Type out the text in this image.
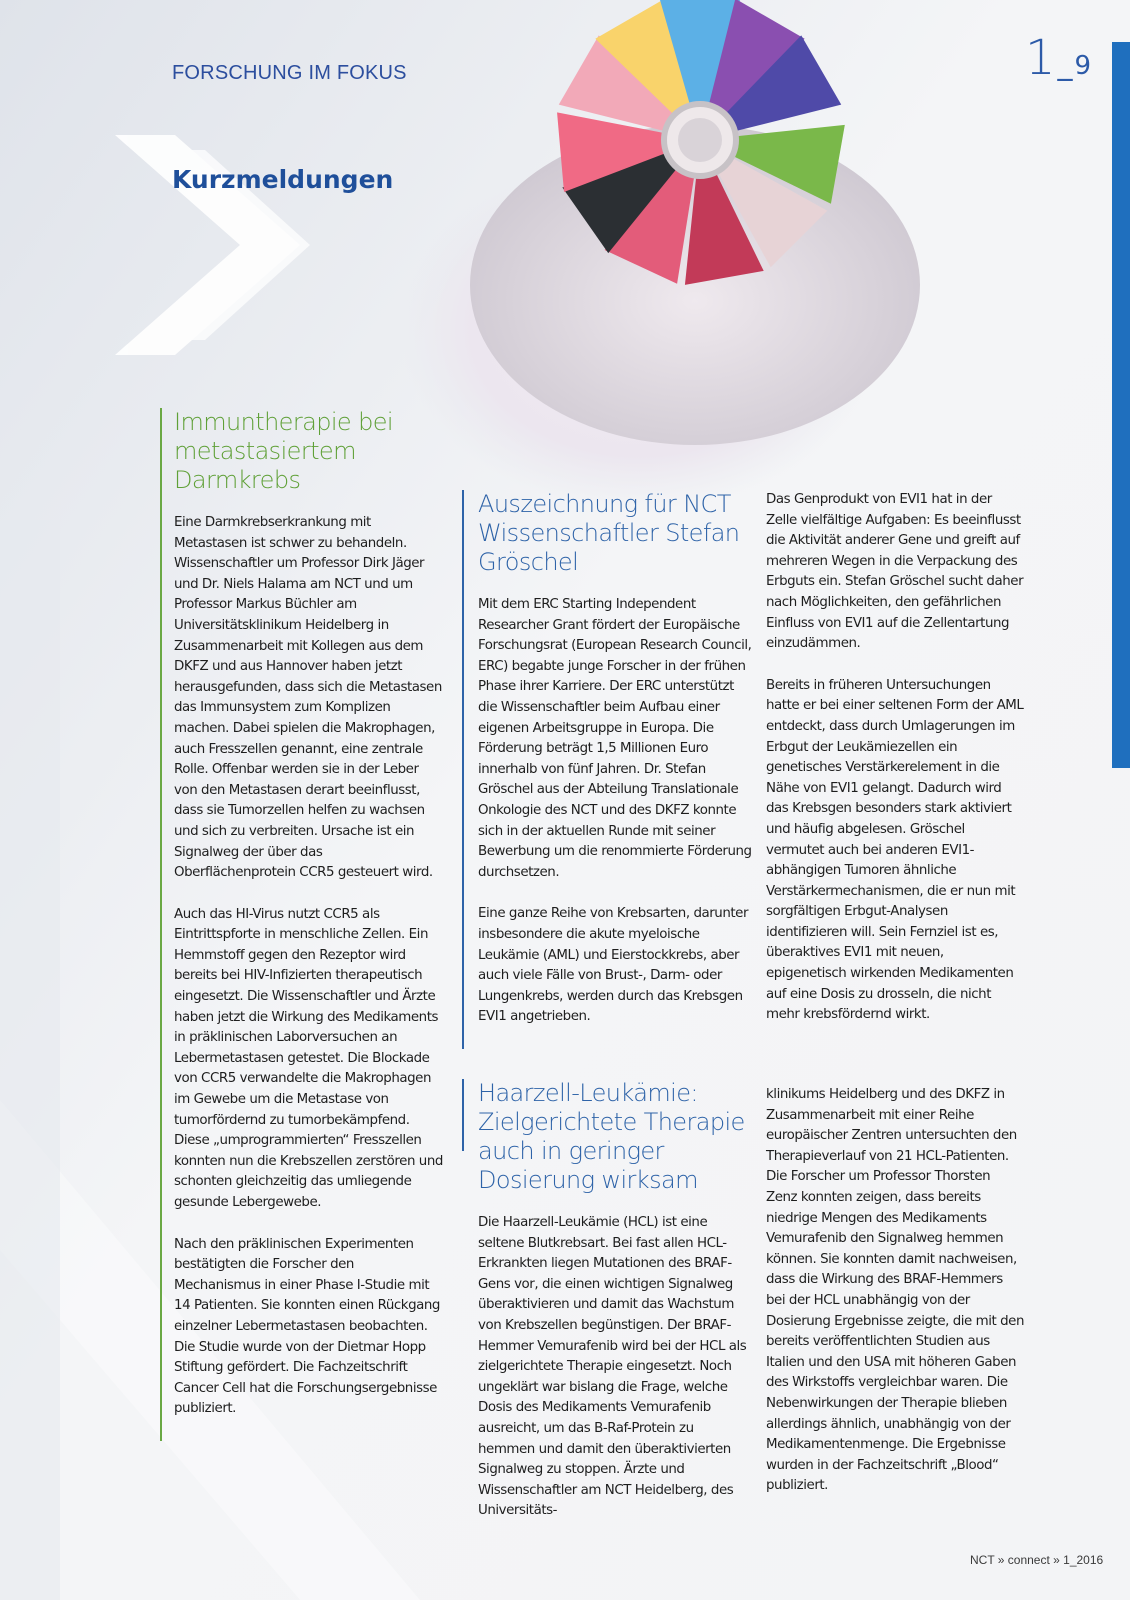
FORSCHUNG IM FOKUS	1_9
Kurzmeldungen
Immuntherapie bei metastasiertem Darmkrebs

Eine Darmkrebserkrankung mit Metastasen ist schwer zu behandeln. Wissenschaftler um Professor Dirk Jäger und Dr. Niels Halama am NCT und um Professor Markus Büchler am Universitätsklinikum Heidelberg in Zusammenarbeit mit Kollegen aus dem DKFZ und aus Hannover haben jetzt herausgefunden, dass sich die Metastasen das Immunsystem zum Komplizen machen. Dabei spielen die Makrophagen, auch Fresszellen genannt, eine zentrale Rolle. Offenbar werden sie in der Leber von den Metastasen derart beeinflusst, dass sie Tumorzellen helfen zu wachsen und sich zu verbreiten. Ursache ist ein Signalweg der über das Oberflächenprotein CCR5 gesteuert wird.

Auch das HI-Virus nutzt CCR5 als Eintrittspforte in menschliche Zellen. Ein Hemmstoff gegen den Rezeptor wird bereits bei HIV-Infizierten therapeutisch eingesetzt. Die Wissenschaftler und Ärzte haben jetzt die Wirkung des Medikaments in präklinischen Laborversuchen an Lebermetastasen getestet. Die Blockade von CCR5 verwandelte die Makrophagen im Gewebe um die Metastase von tumorfördernd zu tumorbekämpfend. Diese „umprogrammierten“ Fresszellen konnten nun die Krebszellen zerstören und schonten gleichzeitig das umliegende gesunde Lebergewebe.

Nach den präklinischen Experimenten bestätigten die Forscher den Mechanismus in einer Phase I-Studie mit 14 Patienten. Sie konnten einen Rückgang einzelner Lebermetastasen beobachten. Die Studie wurde von der Dietmar Hopp Stiftung gefördert. Die Fachzeitschrift Cancer Cell hat die Forschungsergebnisse publiziert.

Auszeichnung für NCT Wissenschaftler Stefan Gröschel

Mit dem ERC Starting Independent Researcher Grant fördert der Europäische Forschungsrat (European Research Council, ERC) begabte junge Forscher in der frühen Phase ihrer Karriere. Der ERC unterstützt die Wissenschaftler beim Aufbau einer eigenen Arbeitsgruppe in Europa. Die Förderung beträgt 1,5 Millionen Euro innerhalb von fünf Jahren. Dr. Stefan Gröschel aus der Abteilung Translationale Onkologie des NCT und des DKFZ konnte sich in der aktuellen Runde mit seiner Bewerbung um die renommierte Förderung durchsetzen.

Eine ganze Reihe von Krebsarten, darunter insbesondere die akute myeloische Leukämie (AML) und Eierstockkrebs, aber auch viele Fälle von Brust-, Darm- oder Lungenkrebs, werden durch das Krebsgen EVI1 angetrieben.

Das Genprodukt von EVI1 hat in der Zelle vielfältige Aufgaben: Es beeinflusst die Aktivität anderer Gene und greift auf mehreren Wegen in die Verpackung des Erbguts ein. Stefan Gröschel sucht daher nach Möglichkeiten, den gefährlichen Einfluss von EVI1 auf die Zellentartung einzudämmen.

Bereits in früheren Untersuchungen hatte er bei einer seltenen Form der AML entdeckt, dass durch Umlagerungen im Erbgut der Leukämiezellen ein genetisches Verstärkerelement in die Nähe von EVI1 gelangt. Dadurch wird das Krebsgen besonders stark aktiviert und häufig abgelesen. Gröschel vermutet auch bei anderen EVI1-abhängigen Tumoren ähnliche Verstärkermechanismen, die er nun mit sorgfältigen Erbgut-Analysen identifizieren will. Sein Fernziel ist es, überaktives EVI1 mit neuen, epigenetisch wirkenden Medikamenten auf eine Dosis zu drosseln, die nicht mehr krebsfördernd wirkt.

Haarzell-Leukämie: Zielgerichtete Therapie auch in geringer Dosierung wirksam

Die Haarzell-Leukämie (HCL) ist eine seltene Blutkrebsart. Bei fast allen HCL-Erkrankten liegen Mutationen des BRAF-Gens vor, die einen wichtigen Signalweg überaktivieren und damit das Wachstum von Krebszellen begünstigen. Der BRAF-Hemmer Vemurafenib wird bei der HCL als zielgerichtete Therapie eingesetzt. Noch ungeklärt war bislang die Frage, welche Dosis des Medikaments Vemurafenib ausreicht, um das B-Raf-Protein zu hemmen und damit den überaktivierten Signalweg zu stoppen. Ärzte und Wissenschaftler am NCT Heidelberg, des Universitäts-

klinikums Heidelberg und des DKFZ in Zusammenarbeit mit einer Reihe europäischer Zentren untersuchten den Therapieverlauf von 21 HCL-Patienten. Die Forscher um Professor Thorsten Zenz konnten zeigen, dass bereits niedrige Mengen des Medikaments Vemurafenib den Signalweg hemmen können. Sie konnten damit nachweisen, dass die Wirkung des BRAF-Hemmers bei der HCL unabhängig von der Dosierung Ergebnisse zeigte, die mit den bereits veröffentlichten Studien aus Italien und den USA mit höheren Gaben des Wirkstoffs vergleichbar waren. Die Nebenwirkungen der Therapie blieben allerdings ähnlich, unabhängig von der Medikamentenmenge. Die Ergebnisse wurden in der Fachzeitschrift „Blood“ publiziert.

NCT » connect » 1_2016
